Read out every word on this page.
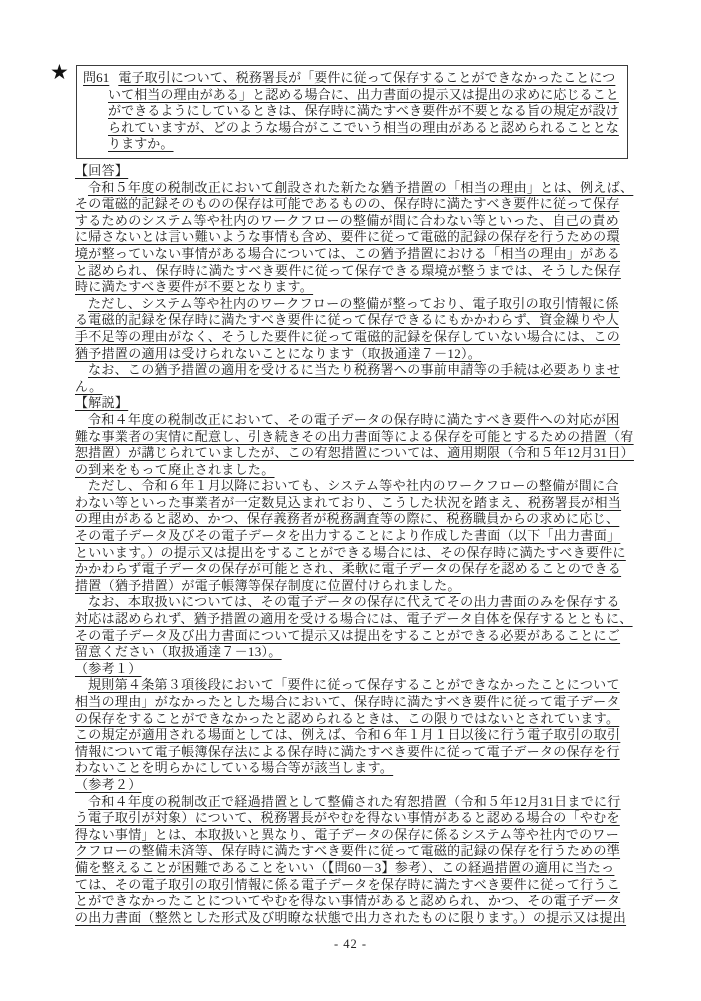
★ 問61 電子取引について、税務署長が「要件に従って保存することができなかったことにつ
いて相当の理由がある」と認める場合に、出力書面の提示又は提出の求めに応じること
ができるようにしているときは、保存時に満たすべき要件が不要となる旨の規定が設け
られていますが、どのような場合がここでいう相当の理由があると認められることとな
りますか。
【回答】
令和５年度の税制改正において創設された新たな猶予措置の「相当の理由」とは、例えば、
その電磁的記録そのものの保存は可能であるものの、保存時に満たすべき要件に従って保存
するためのシステム等や社内のワークフローの整備が間に合わない等といった、自己の責め
に帰さないとは言い難いような事情も含め、要件に従って電磁的記録の保存を行うための環
境が整っていない事情がある場合については、この猶予措置における「相当の理由」がある
と認められ、保存時に満たすべき要件に従って保存できる環境が整うまでは、そうした保存
時に満たすべき要件が不要となります。
ただし、システム等や社内のワークフローの整備が整っており、電子取引の取引情報に係
る電磁的記録を保存時に満たすべき要件に従って保存できるにもかかわらず、資金繰りや人
手不足等の理由がなく、そうした要件に従って電磁的記録を保存していない場合には、この
猶予措置の適用は受けられないことになります（取扱通達７－12）。
なお、この猶予措置の適用を受けるに当たり税務署への事前申請等の手続は必要ありませ
ん。
【解説】
令和４年度の税制改正において、その電子データの保存時に満たすべき要件への対応が困
難な事業者の実情に配意し、引き続きその出力書面等による保存を可能とするための措置（宥
恕措置）が講じられていましたが、この宥恕措置については、適用期限（令和５年12月31日）
の到来をもって廃止されました。
ただし、令和６年１月以降においても、システム等や社内のワークフローの整備が間に合
わない等といった事業者が一定数見込まれており、こうした状況を踏まえ、税務署長が相当
の理由があると認め、かつ、保存義務者が税務調査等の際に、税務職員からの求めに応じ、
その電子データ及びその電子データを出力することにより作成した書面（以下「出力書面」
といいます。）の提示又は提出をすることができる場合には、その保存時に満たすべき要件に
かかわらず電子データの保存が可能とされ、柔軟に電子データの保存を認めることのできる
措置（猶予措置）が電子帳簿等保存制度に位置付けられました。
なお、本取扱いについては、その電子データの保存に代えてその出力書面のみを保存する
対応は認められず、猶予措置の適用を受ける場合には、電子データ自体を保存するとともに、
その電子データ及び出力書面について提示又は提出をすることができる必要があることにご
留意ください（取扱通達７－13）。
（参考１）
規則第４条第３項後段において「要件に従って保存することができなかったことについて
相当の理由」がなかったとした場合において、保存時に満たすべき要件に従って電子データ
の保存をすることができなかったと認められるときは、この限りではないとされています。
この規定が適用される場面としては、例えば、令和６年１月１日以後に行う電子取引の取引
情報について電子帳簿保存法による保存時に満たすべき要件に従って電子データの保存を行
わないことを明らかにしている場合等が該当します。
（参考２）
令和４年度の税制改正で経過措置として整備された宥恕措置（令和５年12月31日までに行
う電子取引が対象）について、税務署長がやむを得ない事情があると認める場合の「やむを
得ない事情」とは、本取扱いと異なり、電子データの保存に係るシステム等や社内でのワー
クフローの整備未済等、保存時に満たすべき要件に従って電磁的記録の保存を行うための準
備を整えることが困難であることをいい（【問60－3】参考）、この経過措置の適用に当たっ
ては、その電子取引の取引情報に係る電子データを保存時に満たすべき要件に従って行うこ
とができなかったことについてやむを得ない事情があると認められ、かつ、その電子データ
の出力書面（整然とした形式及び明瞭な状態で出力されたものに限ります。）の提示又は提出
- 42 -
